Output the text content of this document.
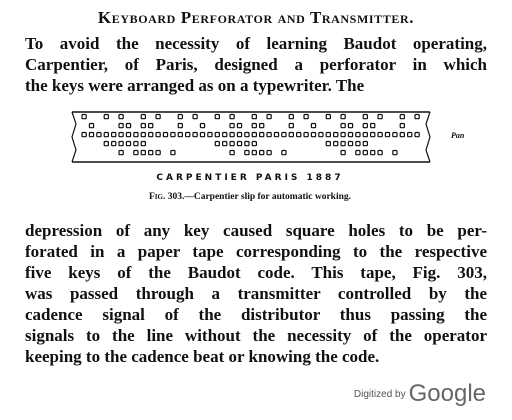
Keyboard Perforator and Transmitter.

To avoid the necessity of learning Baudot operating,
Carpentier, of Paris, designed a perforator in which
the keys were arranged as on a typewriter. The

Pan
CARPENTIER PARIS 1887
Fig. 303.—Carpentier slip for automatic working.

depression of any key caused square holes to be per-
forated in a paper tape corresponding to the respective
five keys of the Baudot code. This tape, Fig. 303,
was passed through a transmitter controlled by the
cadence signal of the distributor thus passing the
signals to the line without the necessity of the operator
keeping to the cadence beat or knowing the code.

$^{Digitized by}$ Google
